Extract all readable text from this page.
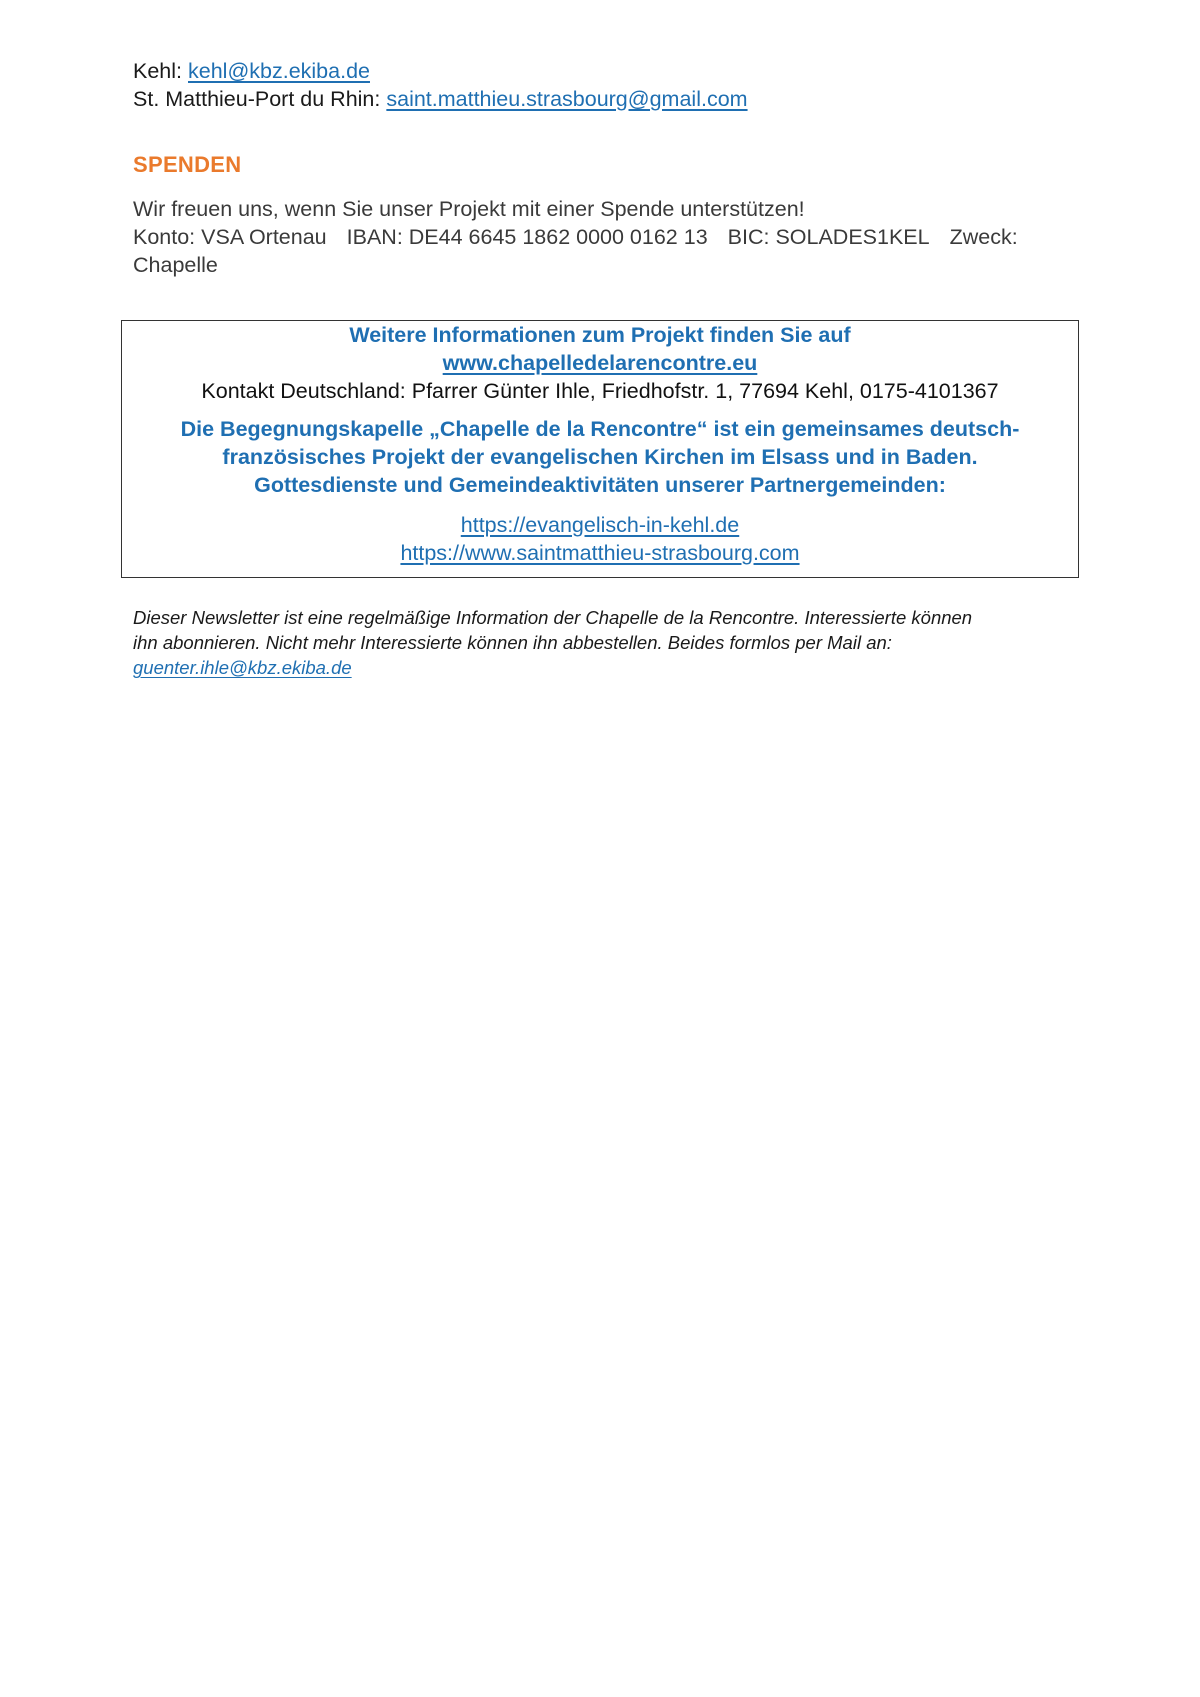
Kehl: kehl@kbz.ekiba.de
St. Matthieu-Port du Rhin: saint.matthieu.strasbourg@gmail.com
SPENDEN
Wir freuen uns, wenn Sie unser Projekt mit einer Spende unterstützen!
Konto: VSA Ortenau IBAN: DE44 6645 1862 0000 0162 13 BIC: SOLADES1KEL Zweck:
Chapelle
Weitere Informationen zum Projekt finden Sie auf
www.chapelledelarencontre.eu
Kontakt Deutschland: Pfarrer Günter Ihle, Friedhofstr. 1, 77694 Kehl, 0175-4101367
Die Begegnungskapelle „Chapelle de la Rencontre“ ist ein gemeinsames deutsch-
französisches Projekt der evangelischen Kirchen im Elsass und in Baden.
Gottesdienste und Gemeindeaktivitäten unserer Partnergemeinden:
https://evangelisch-in-kehl.de
https://www.saintmatthieu-strasbourg.com
Dieser Newsletter ist eine regelmäßige Information der Chapelle de la Rencontre. Interessierte können
ihn abonnieren. Nicht mehr Interessierte können ihn abbestellen. Beides formlos per Mail an:
guenter.ihle@kbz.ekiba.de
